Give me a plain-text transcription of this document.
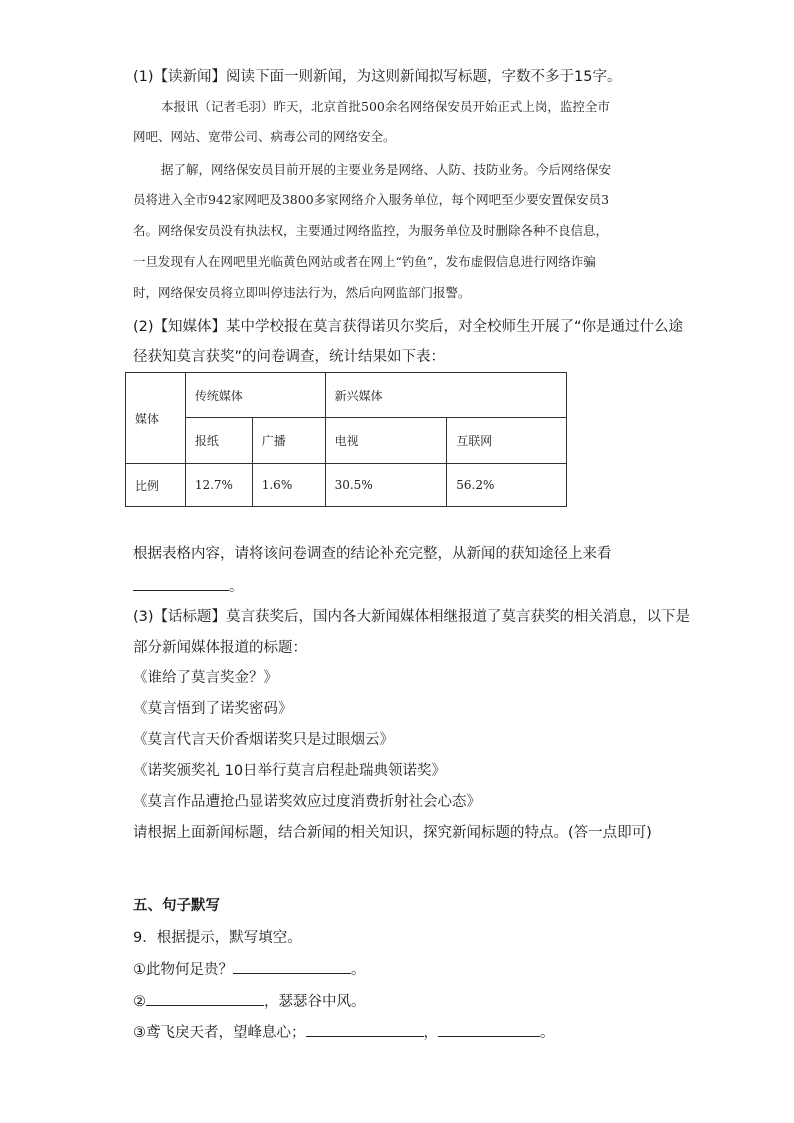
(1)【读新闻】阅读下面一则新闻，为这则新闻拟写标题，字数不多于15字。
本报讯（记者毛羽）昨天，北京首批500余名网络保安员开始正式上岗，监控全市
网吧、网站、宽带公司、病毒公司的网络安全。
据了解，网络保安员目前开展的主要业务是网络、人防、技防业务。今后网络保安
员将进入全市942家网吧及3800多家网络介入服务单位，每个网吧至少要安置保安员3
名。网络保安员没有执法权，主要通过网络监控，为服务单位及时删除各种不良信息，
一旦发现有人在网吧里光临黄色网站或者在网上“钓鱼”，发布虚假信息进行网络诈骗
时，网络保安员将立即叫停违法行为，然后向网监部门报警。
(2)【知媒体】某中学校报在莫言获得诺贝尔奖后，对全校师生开展了“你是通过什么途
径获知莫言获奖”的问卷调查，统计结果如下表：
媒体	传统媒体		新兴媒体	
	报纸	广播	电视	互联网
比例	12.7%	1.6%	30.5%	56.2%
根据表格内容，请将该问卷调查的结论补充完整，从新闻的获知途径上来看
。
(3)【话标题】莫言获奖后，国内各大新闻媒体相继报道了莫言获奖的相关消息，以下是
部分新闻媒体报道的标题：
《谁给了莫言奖金？》
《莫言悟到了诺奖密码》
《莫言代言天价香烟诺奖只是过眼烟云》
《诺奖颁奖礼 10日举行莫言启程赴瑞典领诺奖》
《莫言作品遭抢凸显诺奖效应过度消费折射社会心态》
请根据上面新闻标题，结合新闻的相关知识，探究新闻标题的特点。(答一点即可)
五、句子默写
9．根据提示，默写填空。
①此物何足贵？	。
②	，瑟瑟谷中风。
③鸢飞戾天者，望峰息心；	，	。
